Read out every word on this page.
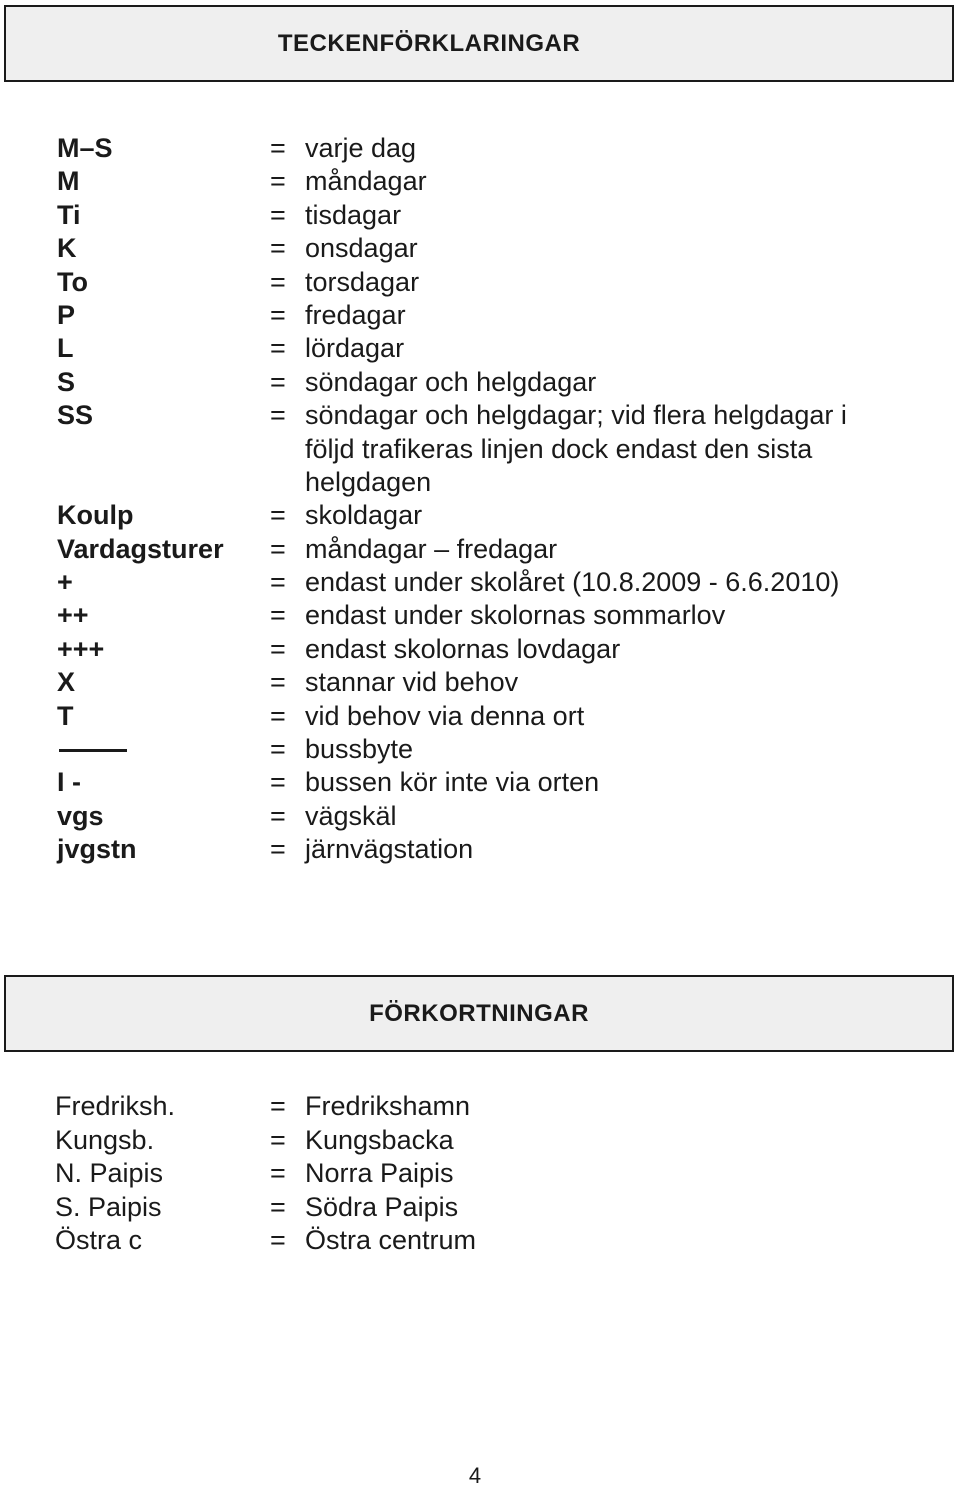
TECKENFÖRKLARINGAR
M–S	= varje dag
M	= måndagar
Ti	= tisdagar
K	= onsdagar
To	= torsdagar
P	= fredagar
L	= lördagar
S	= söndagar och helgdagar
SS	= söndagar och helgdagar; vid flera helgdagar i
följd trafikeras linjen dock endast den sista
helgdagen
Koulp	= skoldagar
Vardagsturer = måndagar – fredagar
+	= endast under skolåret (10.8.2009 - 6.6.2010)
++	= endast under skolornas sommarlov
+++	= endast skolornas lovdagar
X	= stannar vid behov
T	= vid behov via denna ort
= bussbyte
I -	= bussen kör inte via orten
vgs	= vägskäl
jvgstn	= järnvägstation
FÖRKORTNINGAR
Fredriksh.	= Fredrikshamn
Kungsb.	= Kungsbacka
N. Paipis	= Norra Paipis
S. Paipis	= Södra Paipis
Östra c	= Östra centrum
4
